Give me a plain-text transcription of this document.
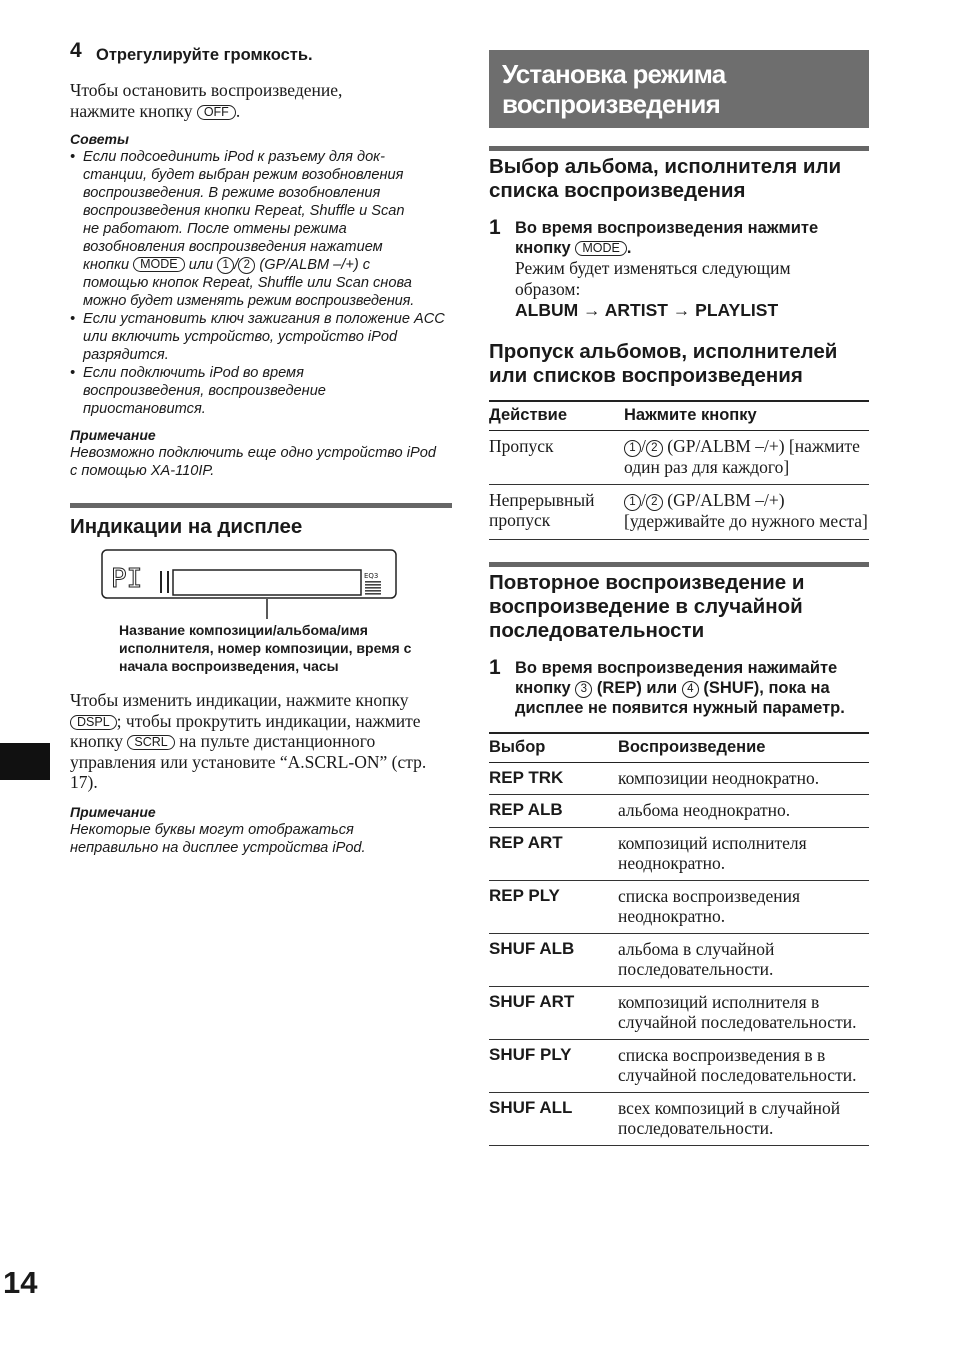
4 Отрегулируйте громкость.
Чтобы остановить воспроизведение,
нажмите кнопку OFF .
Советы
• Если подсоединить iPod к разъему для док-
станции, будет выбран режим возобновления
воспроизведения. В режиме возобновления
воспроизведения кнопки Repeat, Shuffle и Scan
не работают. После отмены режима
возобновления воспроизведения нажатием
кнопки MODE или 1 / 2 (GP/ALBM –/+) с
помощью кнопок Repeat, Shuffle или Scan снова
можно будет изменять режим воспроизведения.
• Если установить ключ зажигания в положение ACC или включить устройство, устройство iPod разрядится.
• Если подключить iPod во время воспроизведения, воспроизведение приостановится.
Примечание
Невозможно подключить еще одно устройство iPod с помощью XA-110IP.
Индикации на дисплее
PI	EQ3
Название композиции/альбома/имя исполнителя, номер композиции, время с начала воспроизведения, часы
Чтобы изменить индикации, нажмите кнопку DSPL ; чтобы прокрутить индикации, нажмите кнопку SCRL на пульте дистанционного управления или установите “A.SCRL-ON” (стр. 17).
Примечание
Некоторые буквы могут отображаться неправильно на дисплее устройства iPod.
Установка режима
воспроизведения
Выбор альбома, исполнителя или списка воспроизведения
1 Во время воспроизведения нажмите кнопку MODE .
Режим будет изменяться следующим образом:
ALBUM → ARTIST → PLAYLIST
Пропуск альбомов, исполнителей или списков воспроизведения
Действие	Нажмите кнопку
Пропуск	1 / 2 (GP/ALBM –/+) [нажмите один раз для каждого]
Непрерывный пропуск	1 / 2 (GP/ALBM –/+) [удерживайте до нужного места]
Повторное воспроизведение и воспроизведение в случайной последовательности
1 Во время воспроизведения нажимайте кнопку 3 (REP) или 4 (SHUF), пока на дисплее не появится нужный параметр.
Выбор	Воспроизведение
REP TRK	композиции неоднократно.
REP ALB	альбома неоднократно.
REP ART	композиций исполнителя неоднократно.
REP PLY	списка воспроизведения неоднократно.
SHUF ALB	альбома в случайной последовательности.
SHUF ART	композиций исполнителя в случайной последовательности.
SHUF PLY	списка воспроизведения в в случайной последовательности.
SHUF ALL	всех композиций в случайной последовательности.
14
